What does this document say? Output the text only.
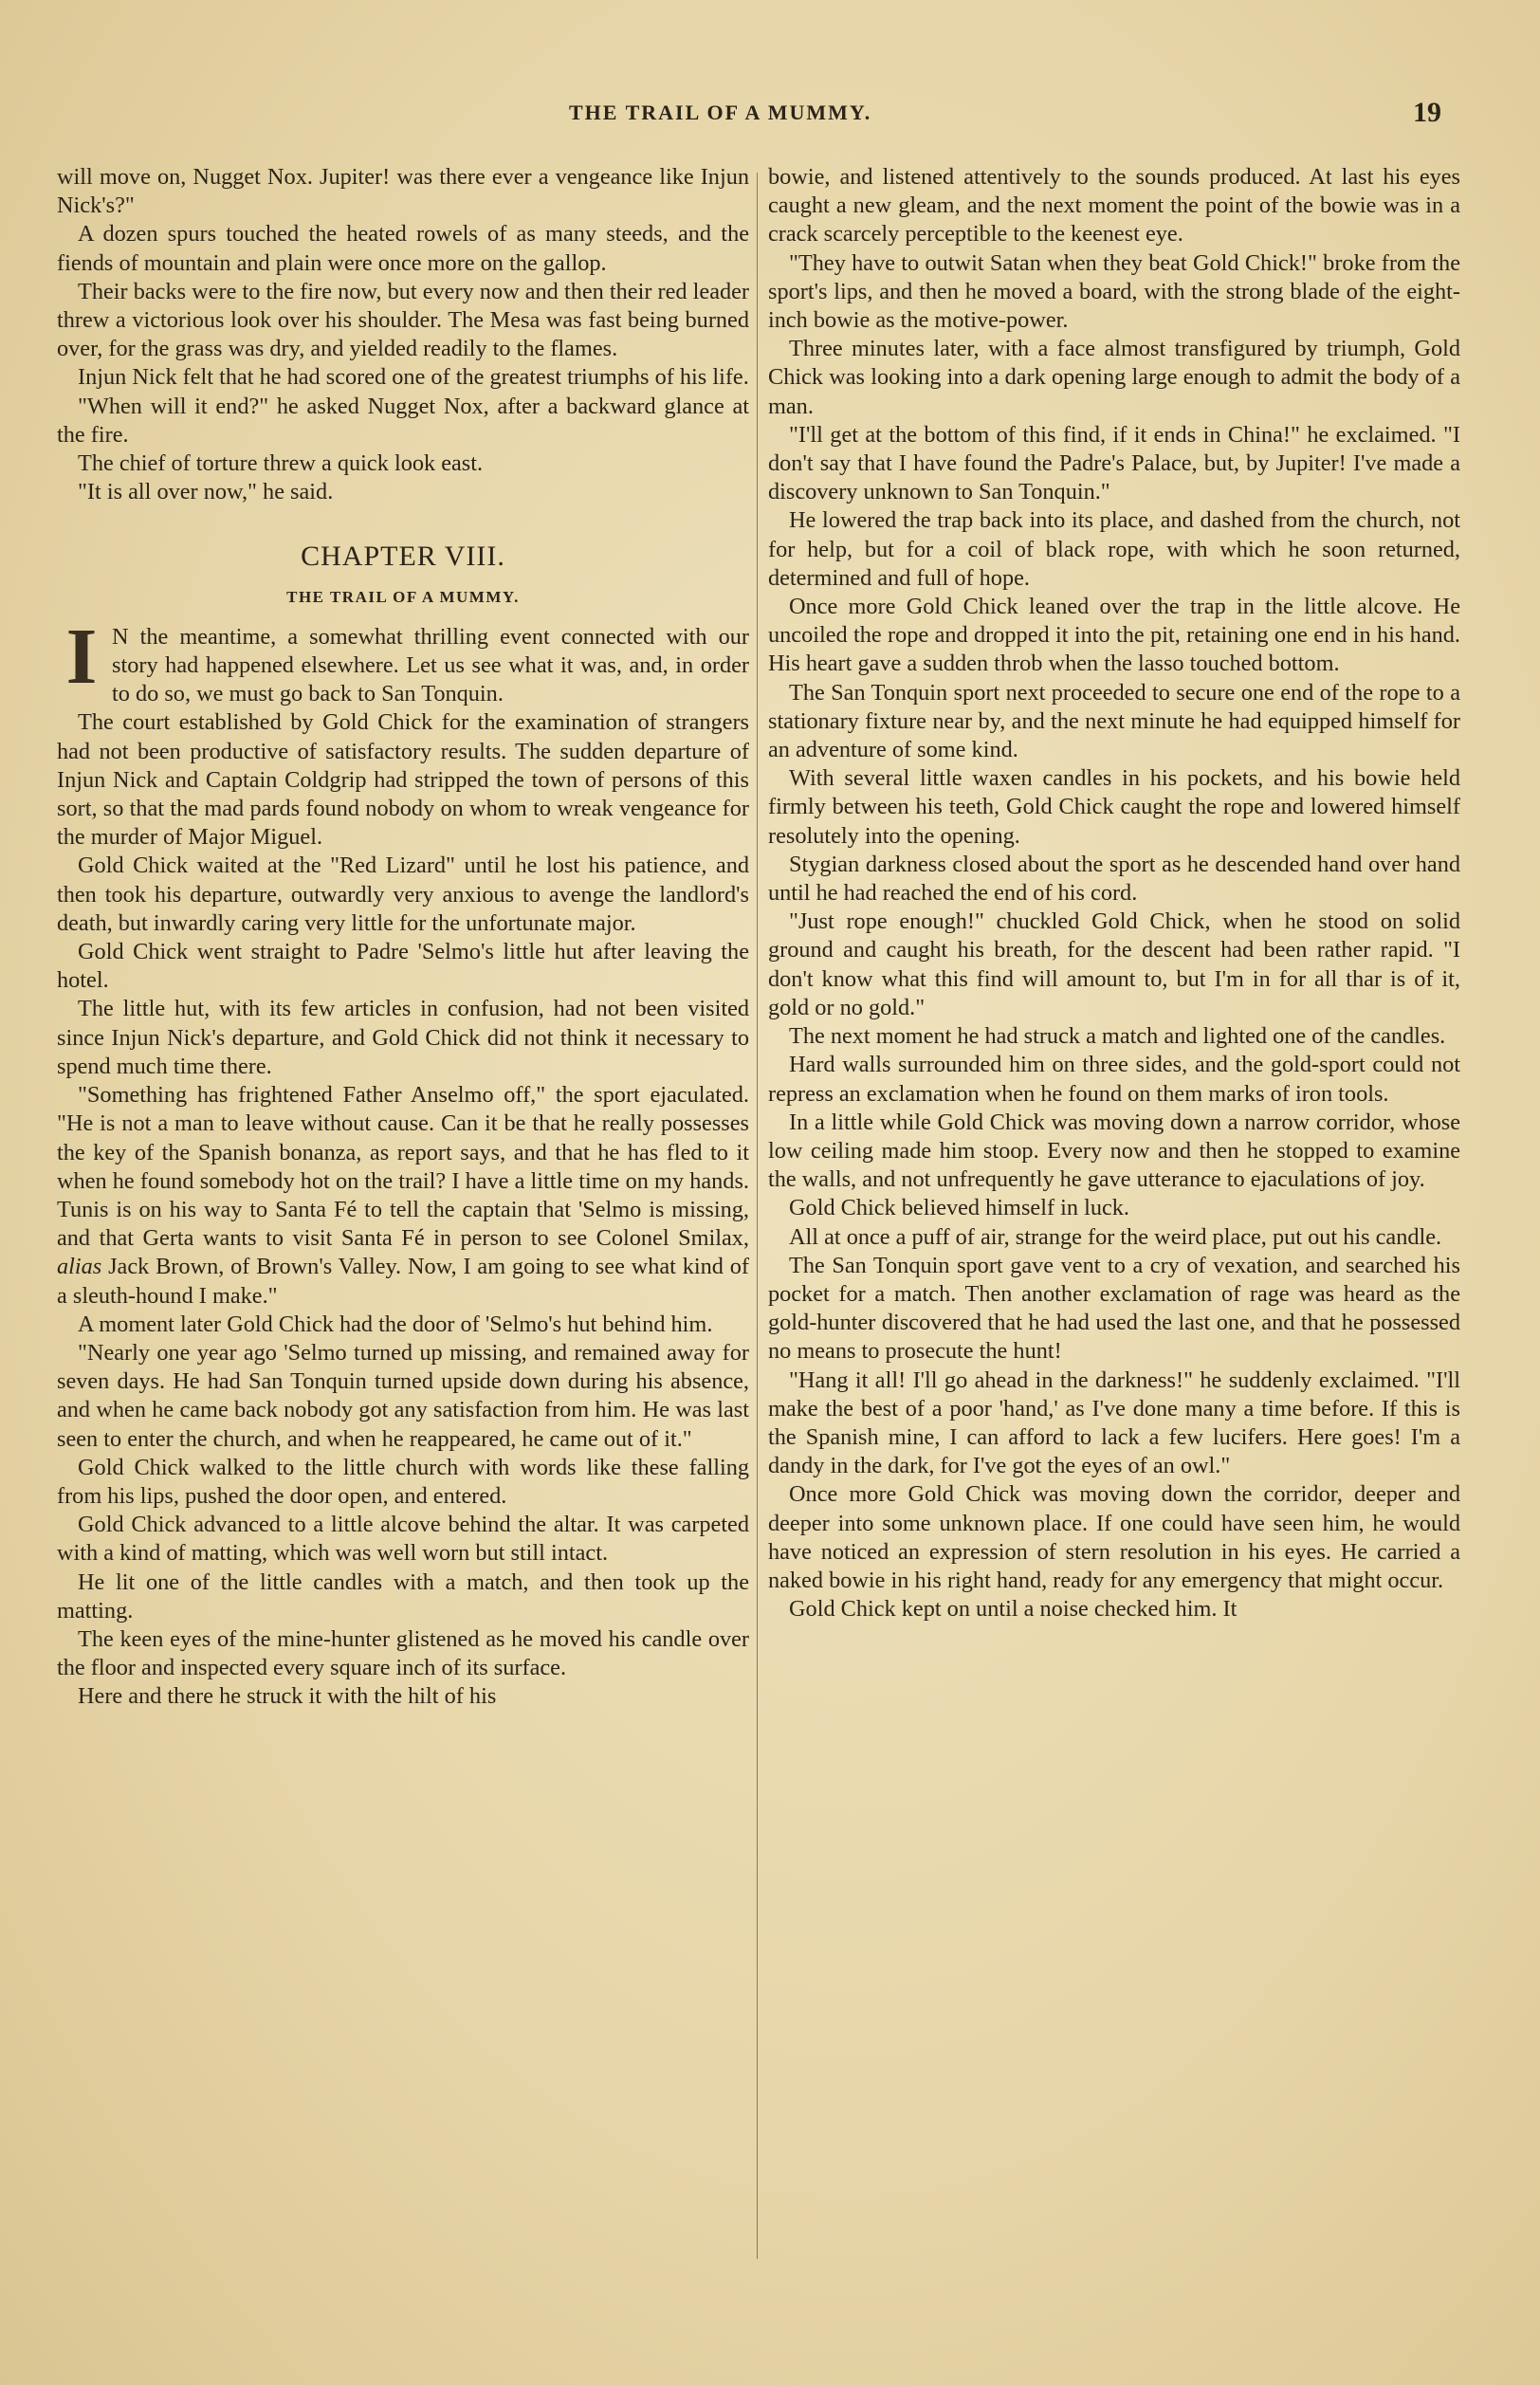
THE TRAIL OF A MUMMY.	19

will move on, Nugget Nox. Jupiter! was there ever a vengeance like Injun Nick's?"

A dozen spurs touched the heated rowels of as many steeds, and the fiends of mountain and plain were once more on the gallop.

Their backs were to the fire now, but every now and then their red leader threw a victorious look over his shoulder. The Mesa was fast being burned over, for the grass was dry, and yielded readily to the flames.

Injun Nick felt that he had scored one of the greatest triumphs of his life.

"When will it end?" he asked Nugget Nox, after a backward glance at the fire.

The chief of torture threw a quick look east.

"It is all over now," he said.

CHAPTER VIII.
THE TRAIL OF A MUMMY.

I N the meantime, a somewhat thrilling event connected with our story had happened elsewhere. Let us see what it was, and, in order to do so, we must go back to San Tonquin.

The court established by Gold Chick for the examination of strangers had not been productive of satisfactory results. The sudden departure of Injun Nick and Captain Coldgrip had stripped the town of persons of this sort, so that the mad pards found nobody on whom to wreak vengeance for the murder of Major Miguel.

Gold Chick waited at the "Red Lizard" until he lost his patience, and then took his departure, outwardly very anxious to avenge the landlord's death, but inwardly caring very little for the unfortunate major.

Gold Chick went straight to Padre 'Selmo's little hut after leaving the hotel.

The little hut, with its few articles in confusion, had not been visited since Injun Nick's departure, and Gold Chick did not think it necessary to spend much time there.

"Something has frightened Father Anselmo off," the sport ejaculated. "He is not a man to leave without cause. Can it be that he really possesses the key of the Spanish bonanza, as report says, and that he has fled to it when he found somebody hot on the trail? I have a little time on my hands. Tunis is on his way to Santa Fé to tell the captain that 'Selmo is missing, and that Gerta wants to visit Santa Fé in person to see Colonel Smilax, alias Jack Brown, of Brown's Valley. Now, I am going to see what kind of a sleuth-hound I make."

A moment later Gold Chick had the door of 'Selmo's hut behind him.

"Nearly one year ago 'Selmo turned up missing, and remained away for seven days. He had San Tonquin turned upside down during his absence, and when he came back nobody got any satisfaction from him. He was last seen to enter the church, and when he reappeared, he came out of it."

Gold Chick walked to the little church with words like these falling from his lips, pushed the door open, and entered.

Gold Chick advanced to a little alcove behind the altar. It was carpeted with a kind of matting, which was well worn but still intact.

He lit one of the little candles with a match, and then took up the matting.

The keen eyes of the mine-hunter glistened as he moved his candle over the floor and inspected every square inch of its surface.

Here and there he struck it with the hilt of his

bowie, and listened attentively to the sounds produced. At last his eyes caught a new gleam, and the next moment the point of the bowie was in a crack scarcely perceptible to the keenest eye.

"They have to outwit Satan when they beat Gold Chick!" broke from the sport's lips, and then he moved a board, with the strong blade of the eight-inch bowie as the motive-power.

Three minutes later, with a face almost transfigured by triumph, Gold Chick was looking into a dark opening large enough to admit the body of a man.

"I'll get at the bottom of this find, if it ends in China!" he exclaimed. "I don't say that I have found the Padre's Palace, but, by Jupiter! I've made a discovery unknown to San Tonquin."

He lowered the trap back into its place, and dashed from the church, not for help, but for a coil of black rope, with which he soon returned, determined and full of hope.

Once more Gold Chick leaned over the trap in the little alcove. He uncoiled the rope and dropped it into the pit, retaining one end in his hand. His heart gave a sudden throb when the lasso touched bottom.

The San Tonquin sport next proceeded to secure one end of the rope to a stationary fixture near by, and the next minute he had equipped himself for an adventure of some kind.

With several little waxen candles in his pockets, and his bowie held firmly between his teeth, Gold Chick caught the rope and lowered himself resolutely into the opening.

Stygian darkness closed about the sport as he descended hand over hand until he had reached the end of his cord.

"Just rope enough!" chuckled Gold Chick, when he stood on solid ground and caught his breath, for the descent had been rather rapid. "I don't know what this find will amount to, but I'm in for all thar is of it, gold or no gold."

The next moment he had struck a match and lighted one of the candles.

Hard walls surrounded him on three sides, and the gold-sport could not repress an exclamation when he found on them marks of iron tools.

In a little while Gold Chick was moving down a narrow corridor, whose low ceiling made him stoop. Every now and then he stopped to examine the walls, and not unfrequently he gave utterance to ejaculations of joy.

Gold Chick believed himself in luck.

All at once a puff of air, strange for the weird place, put out his candle.

The San Tonquin sport gave vent to a cry of vexation, and searched his pocket for a match. Then another exclamation of rage was heard as the gold-hunter discovered that he had used the last one, and that he possessed no means to prosecute the hunt!

"Hang it all! I'll go ahead in the darkness!" he suddenly exclaimed. "I'll make the best of a poor 'hand,' as I've done many a time before. If this is the Spanish mine, I can afford to lack a few lucifers. Here goes! I'm a dandy in the dark, for I've got the eyes of an owl."

Once more Gold Chick was moving down the corridor, deeper and deeper into some unknown place. If one could have seen him, he would have noticed an expression of stern resolution in his eyes. He carried a naked bowie in his right hand, ready for any emergency that might occur.

Gold Chick kept on until a noise checked him. It
